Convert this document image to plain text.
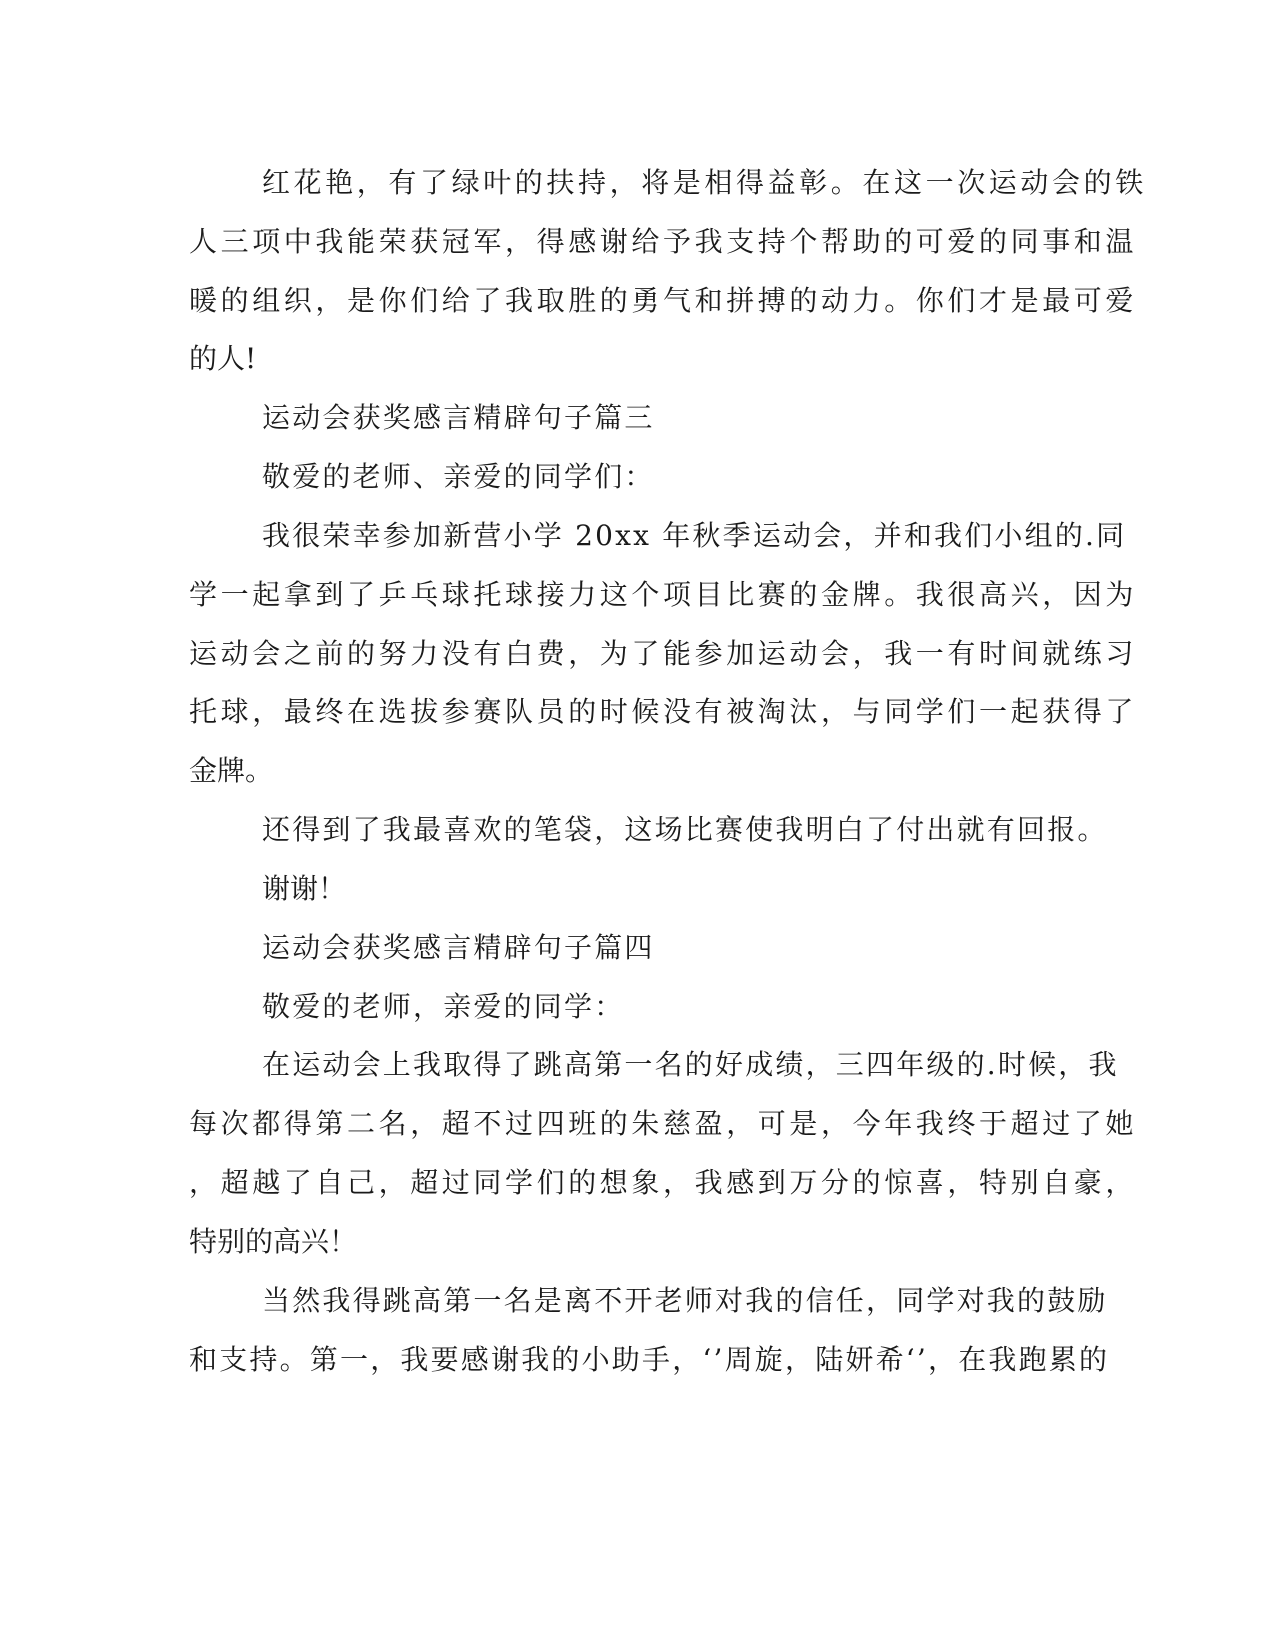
红花艳，有了绿叶的扶持，将是相得益彰。在这一次运动会的铁

人三项中我能荣获冠军，得感谢给予我支持个帮助的可爱的同事和温

暖的组织，是你们给了我取胜的勇气和拼搏的动力。你们才是最可爱

的人!

运动会获奖感言精辟句子篇三

敬爱的老师、亲爱的同学们：

我很荣幸参加新营小学 20xx 年秋季运动会，并和我们小组的.同

学一起拿到了乒乓球托球接力这个项目比赛的金牌。我很高兴，因为

运动会之前的努力没有白费，为了能参加运动会，我一有时间就练习

托球，最终在选拔参赛队员的时候没有被淘汰，与同学们一起获得了

金牌。

还得到了我最喜欢的笔袋，这场比赛使我明白了付出就有回报。

谢谢！

运动会获奖感言精辟句子篇四

敬爱的老师，亲爱的同学：

在运动会上我取得了跳高第一名的好成绩，三四年级的.时候，我

每次都得第二名，超不过四班的朱慈盈，可是，今年我终于超过了她

，超越了自己，超过同学们的想象，我感到万分的惊喜，特别自豪，

特别的高兴！

当然我得跳高第一名是离不开老师对我的信任，同学对我的鼓励

和支持。第一，我要感谢我的小助手，‘’周旋，陆妍希‘’，在我跑累的
